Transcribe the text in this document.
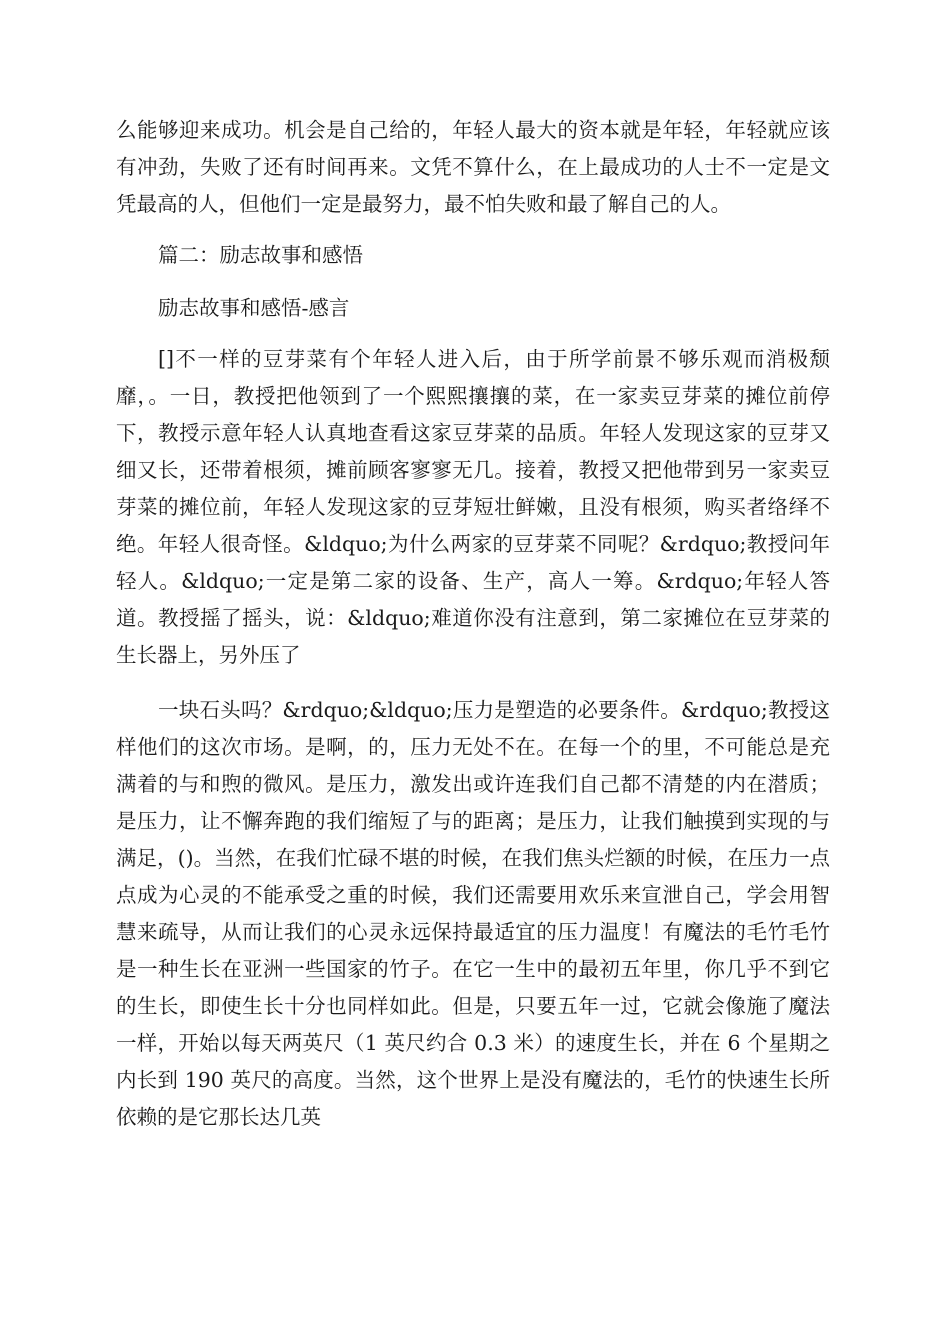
么能够迎来成功。机会是自己给的，年轻人最大的资本就是年轻，年轻就应该有冲劲，失败了还有时间再来。文凭不算什么，在上最成功的人士不一定是文凭最高的人，但他们一定是最努力，最不怕失败和最了解自己的人。

篇二：励志故事和感悟

励志故事和感悟-感言

[]不一样的豆芽菜有个年轻人进入后，由于所学前景不够乐观而消极颓靡，。一日，教授把他领到了一个熙熙攘攘的菜，在一家卖豆芽菜的摊位前停下，教授示意年轻人认真地查看这家豆芽菜的品质。年轻人发现这家的豆芽又细又长，还带着根须，摊前顾客寥寥无几。接着，教授又把他带到另一家卖豆芽菜的摊位前，年轻人发现这家的豆芽短壮鲜嫩，且没有根须，购买者络绎不绝。年轻人很奇怪。&ldquo;为什么两家的豆芽菜不同呢？&rdquo;教授问年轻人。&ldquo;一定是第二家的设备、生产，高人一筹。&rdquo;年轻人答道。教授摇了摇头，说：&ldquo;难道你没有注意到，第二家摊位在豆芽菜的生长器上，另外压了

一块石头吗？&rdquo;&ldquo;压力是塑造的必要条件。&rdquo;教授这样他们的这次市场。是啊，的，压力无处不在。在每一个的里，不可能总是充满着的与和煦的微风。是压力，激发出或许连我们自己都不清楚的内在潜质；是压力，让不懈奔跑的我们缩短了与的距离；是压力，让我们触摸到实现的与满足，()。当然，在我们忙碌不堪的时候，在我们焦头烂额的时候，在压力一点点成为心灵的不能承受之重的时候，我们还需要用欢乐来宣泄自己，学会用智慧来疏导，从而让我们的心灵永远保持最适宜的压力温度！有魔法的毛竹毛竹是一种生长在亚洲一些国家的竹子。在它一生中的最初五年里，你几乎不到它的生长，即使生长十分也同样如此。但是，只要五年一过，它就会像施了魔法一样，开始以每天两英尺（1 英尺约合 0.3 米）的速度生长，并在 6 个星期之内长到 190 英尺的高度。当然，这个世界上是没有魔法的，毛竹的快速生长所依赖的是它那长达几英
